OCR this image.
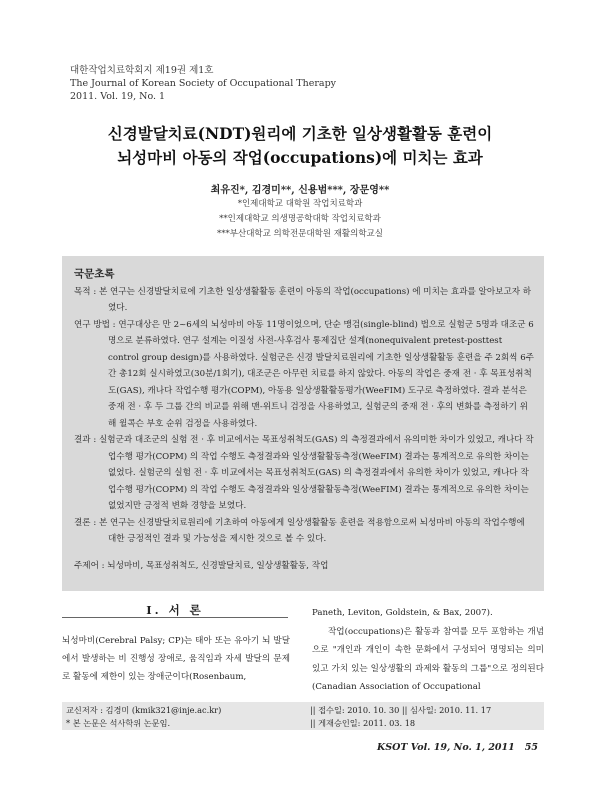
대한작업치료학회지 제19권 제1호
The Journal of Korean Society of Occupational Therapy
2011. Vol. 19, No. 1
신경발달치료(NDT)원리에 기초한 일상생활활동 훈련이
뇌성마비 아동의 작업(occupations)에 미치는 효과
최유진*, 김경미**, 신용범***, 장문영**
*인제대학교 대학원 작업치료학과
**인제대학교 의생명공학대학 작업치료학과
***부산대학교 의학전문대학원 재활의학교실
국문초록

목적 : 본 연구는 신경발달치료에 기초한 일상생활활동 훈련이 아동의 작업(occupations) 에 미치는 효과를 알아보고자 하였다.

연구 방법 : 연구대상은 만 2~6세의 뇌성마비 아동 11명이었으며, 단순 맹검(single-blind) 법으로 실험군 5명과 대조군 6명으로 분류하였다. 연구 설계는 이질성 사전-사후검사 통제집단 설계(nonequivalent pretest-posttest control group design)를 사용하였다. 실험군은 신경 발달치료원리에 기초한 일상생활활동 훈련을 주 2회씩 6주간 총12회 실시하였고(30분/1회기), 대조군은 아무런 치료를 하지 않았다. 아동의 작업은 중재 전 · 후 목표성취척도(GAS), 캐나다 작업수행 평가(COPM), 아동용 일상생활활동평가(WeeFIM) 도구로 측정하였다. 결과 분석은 중재 전 · 후 두 그룹 간의 비교를 위해 맨-위트니 검정을 사용하였고, 실험군의 중재 전 · 후의 변화를 측정하기 위해 윌콕슨 부호 순위 검정을 사용하였다.

결과 : 실험군과 대조군의 실험 전 · 후 비교에서는 목표성취척도(GAS) 의 측정결과에서 유의미한 차이가 있었고, 캐나다 작업수행 평가(COPM) 의 작업 수행도 측정결과와 일상생활활동측정(WeeFIM) 결과는 통계적으로 유의한 차이는 없었다. 실험군의 실험 전 · 후 비교에서는 목표성취척도(GAS) 의 측정결과에서 유의한 차이가 있었고, 캐나다 작업수행 평가(COPM) 의 작업 수행도 측정결과와 일상생활활동측정(WeeFIM) 결과는 통계적으로 유의한 차이는 없었지만 긍정적 변화 경향을 보였다.

결론 : 본 연구는 신경발달치료원리에 기초하여 아동에게 일상생활활동 훈련을 적용함으로써 뇌성마비 아동의 작업수행에 대한 긍정적인 결과 및 가능성을 제시한 것으로 볼 수 있다.

주제어 : 뇌성마비, 목표성취척도, 신경발달치료, 일상생활활동, 작업

Ⅰ. 서 론
뇌성마비(Cerebral Palsy; CP)는 태아 또는 유아기 뇌 발달에서 발생하는 비 진행성 장애로, 움직임과 자세 발달의 문제로 활동에 제한이 있는 장애군이다(Rosenbaum,
Paneth, Leviton, Goldstein, & Bax, 2007).
작업(occupations)은 활동과 참여를 모두 포함하는 개념으로 "개인과 개인이 속한 문화에서 구성되어 명명되는 의미 있고 가치 있는 일상생활의 과제와 활동의 그룹"으로 정의된다(Canadian Association of Occupational
교신저자 : 김경미 (kmik321@inje.ac.kr)
* 본 논문은 석사학위 논문임.
|| 접수일: 2010. 10. 30 || 심사일: 2010. 11. 17
|| 게재승인일: 2011. 03. 18
KSOT Vol. 19, No. 1, 2011 55
